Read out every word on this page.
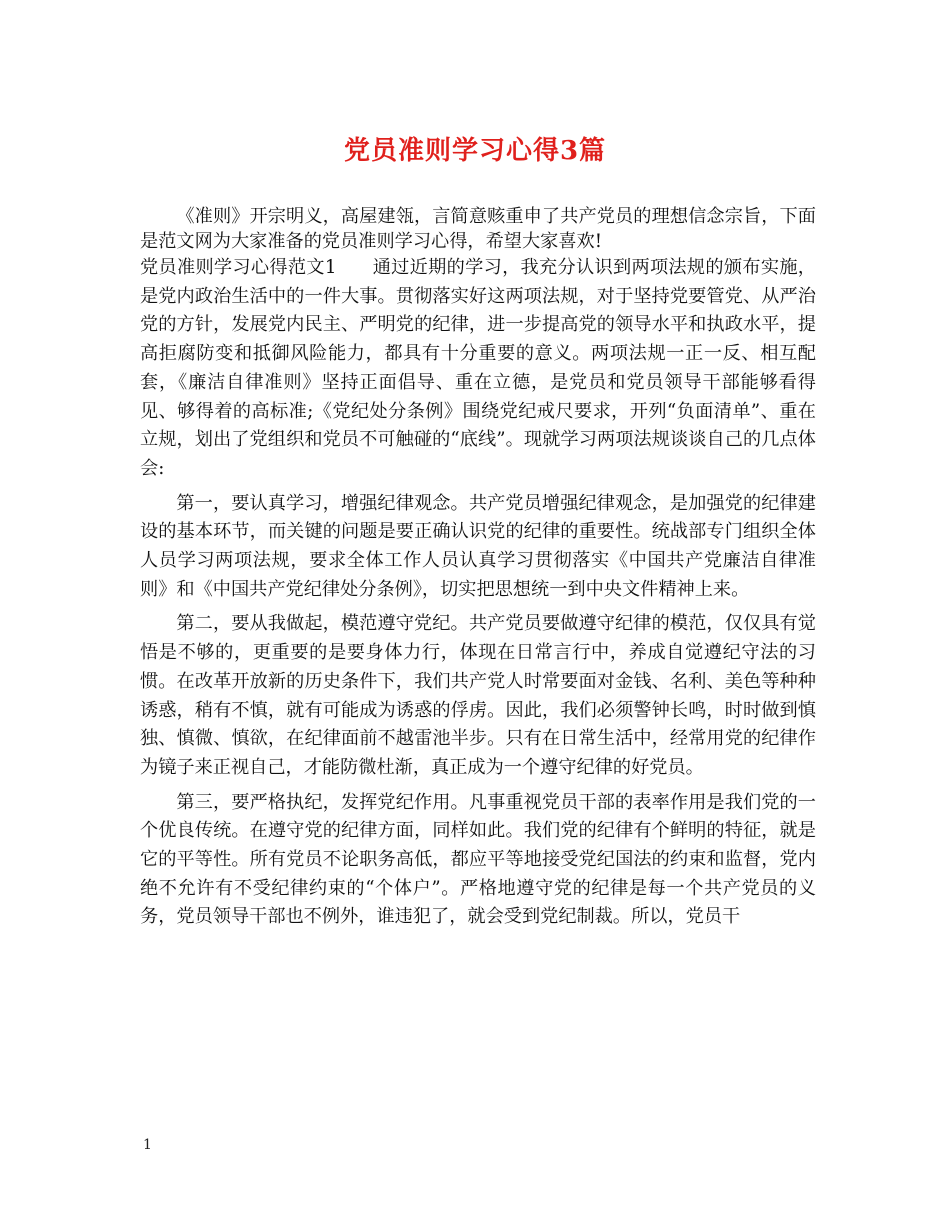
党员准则学习心得3篇

《准则》开宗明义，高屋建瓴，言简意赅重申了共产党员的理想信念宗旨，下面是范文网为大家准备的党员准则学习心得，希望大家喜欢!

党员准则学习心得范文1 通过近期的学习，我充分认识到两项法规的颁布实施，是党内政治生活中的一件大事。贯彻落实好这两项法规，对于坚持党要管党、从严治党的方针，发展党内民主、严明党的纪律，进一步提高党的领导水平和执政水平，提高拒腐防变和抵御风险能力，都具有十分重要的意义。两项法规一正一反、相互配套，《廉洁自律准则》坚持正面倡导、重在立德，是党员和党员领导干部能够看得见、够得着的高标准;《党纪处分条例》围绕党纪戒尺要求，开列“负面清单”、重在立规，划出了党组织和党员不可触碰的“底线”。现就学习两项法规谈谈自己的几点体会:

第一，要认真学习，增强纪律观念。共产党员增强纪律观念，是加强党的纪律建设的基本环节，而关键的问题是要正确认识党的纪律的重要性。统战部专门组织全体人员学习两项法规，要求全体工作人员认真学习贯彻落实《中国共产党廉洁自律准则》和《中国共产党纪律处分条例》，切实把思想统一到中央文件精神上来。

第二，要从我做起，模范遵守党纪。共产党员要做遵守纪律的模范，仅仅具有觉悟是不够的，更重要的是要身体力行，体现在日常言行中，养成自觉遵纪守法的习惯。在改革开放新的历史条件下，我们共产党人时常要面对金钱、名利、美色等种种诱惑，稍有不慎，就有可能成为诱惑的俘虏。因此，我们必须警钟长鸣，时时做到慎独、慎微、慎欲，在纪律面前不越雷池半步。只有在日常生活中，经常用党的纪律作为镜子来正视自己，才能防微杜渐，真正成为一个遵守纪律的好党员。

第三，要严格执纪，发挥党纪作用。凡事重视党员干部的表率作用是我们党的一个优良传统。在遵守党的纪律方面，同样如此。我们党的纪律有个鲜明的特征，就是它的平等性。所有党员不论职务高低，都应平等地接受党纪国法的约束和监督，党内绝不允许有不受纪律约束的“个体户”。严格地遵守党的纪律是每一个共产党员的义务，党员领导干部也不例外，谁违犯了，就会受到党纪制裁。所以，党员干

1
